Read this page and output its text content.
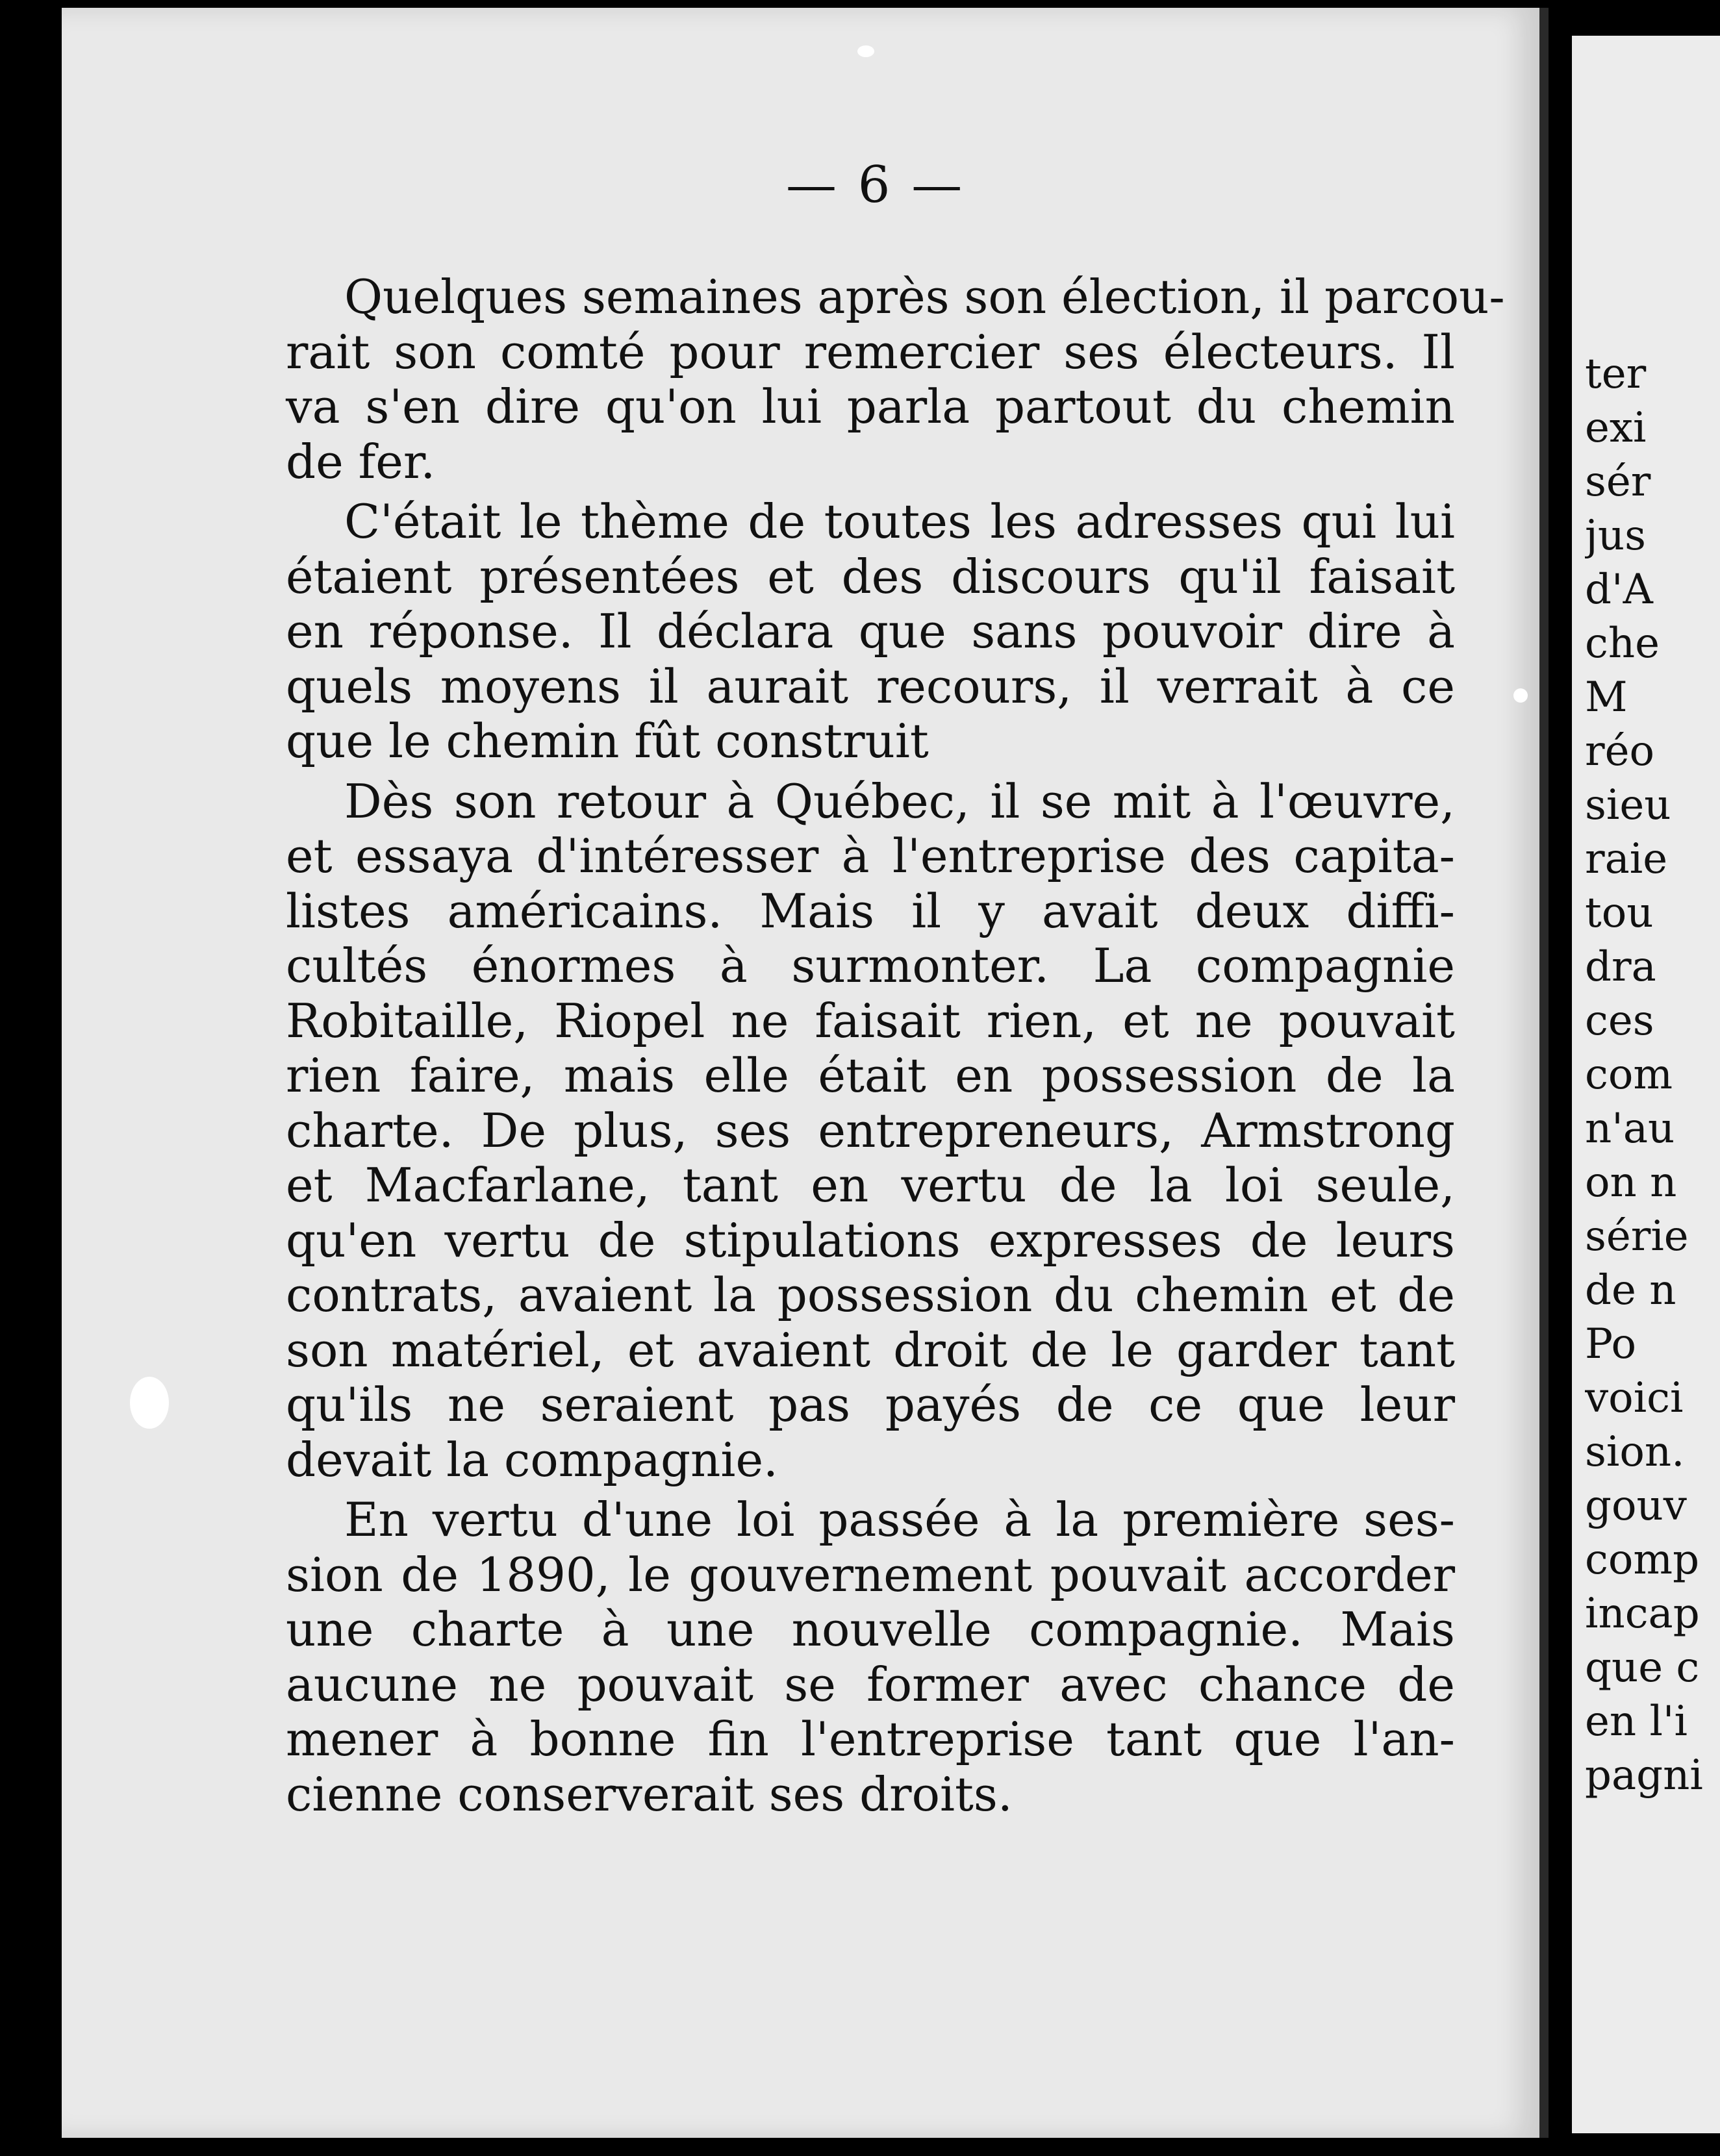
— 6 —

Quelques semaines après son élection, il parcou-
rait son comté pour remercier ses électeurs. Il
va s'en dire qu'on lui parla partout du chemin
de fer.

C'était le thème de toutes les adresses qui lui
étaient présentées et des discours qu'il faisait
en réponse. Il déclara que sans pouvoir dire à
quels moyens il aurait recours, il verrait à ce
que le chemin fût construit

Dès son retour à Québec, il se mit à l'œuvre,
et essaya d'intéresser à l'entreprise des capita-
listes américains. Mais il y avait deux diffi-
cultés énormes à surmonter. La compagnie
Robitaille, Riopel ne faisait rien, et ne pouvait
rien faire, mais elle était en possession de la
charte. De plus, ses entrepreneurs, Armstrong
et Macfarlane, tant en vertu de la loi seule,
qu'en vertu de stipulations expresses de leurs
contrats, avaient la possession du chemin et de
son matériel, et avaient droit de le garder tant
qu'ils ne seraient pas payés de ce que leur
devait la compagnie.

En vertu d'une loi passée à la première ses-
sion de 1890, le gouvernement pouvait accorder
une charte à une nouvelle compagnie. Mais
aucune ne pouvait se former avec chance de
mener à bonne fin l'entreprise tant que l'an-
cienne conserverait ses droits.

ter
exi
sér
jus
d'A
che
M
réo
sieu
raie
tou
dra
ces
com
n'au
on n
série
de n
Po
voici
sion.
gouv
comp
incap
que c
en l'i
pagni
